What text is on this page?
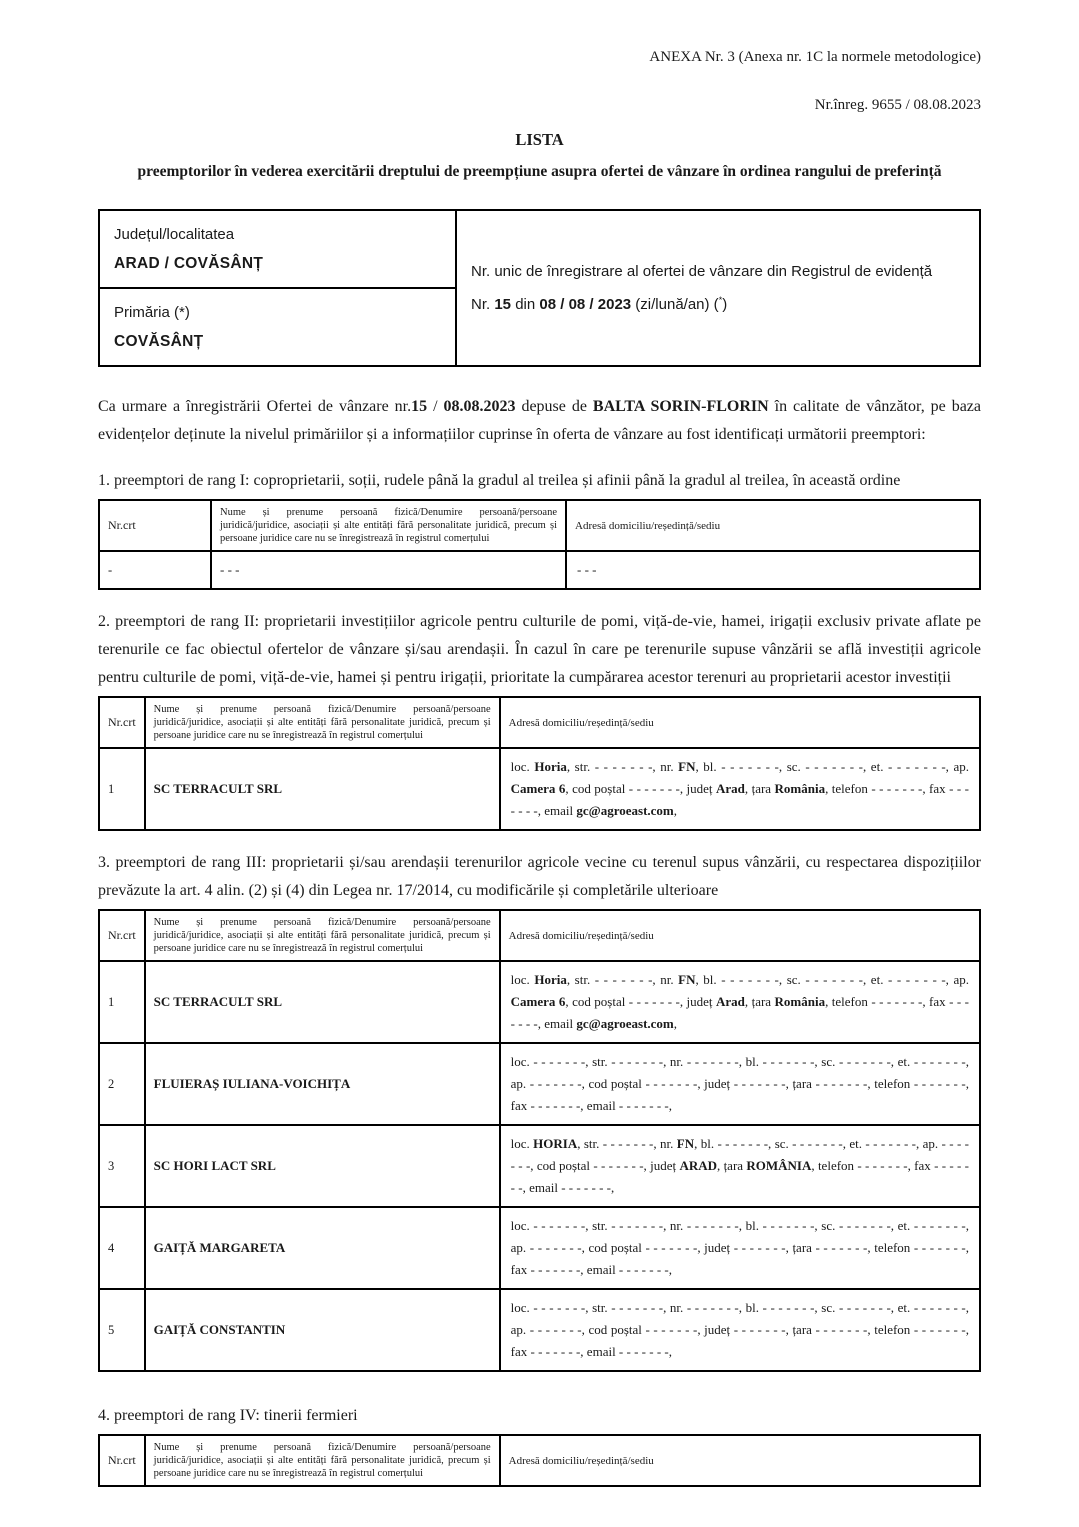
ANEXA Nr. 3 (Anexa nr. 1C la normele metodologice)
Nr.înreg. 9655 / 08.08.2023

LISTA

preemptorilor în vederea exercitării dreptului de preempțiune asupra ofertei de vânzare în ordinea rangului de preferință

Județul/localitatea
ARAD / COVĂSÂNȚ	Nr. unic de înregistrare al ofertei de vânzare din Registrul de evidență
Nr. 15 din 08 / 08 / 2023 (zi/lună/an) (*)

Primăria (*)
COVĂSÂNȚ

Ca urmare a înregistrării Ofertei de vânzare nr.15 / 08.08.2023 depuse de BALTA SORIN-FLORIN în calitate de vânzător, pe baza evidențelor deținute la nivelul primăriilor și a informațiilor cuprinse în oferta de vânzare au fost identificați următorii preemptori:

1. preemptori de rang I: coproprietarii, soții, rudele până la gradul al treilea și afinii până la gradul al treilea, în această ordine

Nr.crt	Nume și prenume persoană fizică/Denumire persoană/persoane juridică/juridice, asociații și alte entități fără personalitate juridică, precum și persoane juridice care nu se înregistrează în registrul comerțului	Adresă domiciliu/reședință/sediu
-	- - -	- - -

2. preemptori de rang II: proprietarii investițiilor agricole pentru culturile de pomi, viță-de-vie, hamei, irigații exclusiv private aflate pe terenurile ce fac obiectul ofertelor de vânzare și/sau arendașii. În cazul în care pe terenurile supuse vânzării se află investiții agricole pentru culturile de pomi, viță-de-vie, hamei și pentru irigații, prioritate la cumpărarea acestor terenuri au proprietarii acestor investiții

Nr.crt	Nume și prenume persoană fizică/Denumire persoană/persoane juridică/juridice, asociații și alte entități fără personalitate juridică, precum și persoane juridice care nu se înregistrează în registrul comerțului	Adresă domiciliu/reședință/sediu
1	SC TERRACULT SRL	loc. Horia, str. - - - - - - -, nr. FN, bl. - - - - - - -, sc. - - - - - - -, et. - - - - - - -, ap. Camera 6, cod poștal - - - - - - -, județ Arad, țara România, telefon - - - - - - -, fax - - - - - - -, email gc@agroeast.com,

3. preemptori de rang III: proprietarii și/sau arendașii terenurilor agricole vecine cu terenul supus vânzării, cu respectarea dispozițiilor prevăzute la art. 4 alin. (2) și (4) din Legea nr. 17/2014, cu modificările și completările ulterioare

Nr.crt	Nume și prenume persoană fizică/Denumire persoană/persoane juridică/juridice, asociații și alte entități fără personalitate juridică, precum și persoane juridice care nu se înregistrează în registrul comerțului	Adresă domiciliu/reședință/sediu
1	SC TERRACULT SRL	loc. Horia, str. - - - - - - -, nr. FN, bl. - - - - - - -, sc. - - - - - - -, et. - - - - - - -, ap. Camera 6, cod poștal - - - - - - -, județ Arad, țara România, telefon - - - - - - -, fax - - - - - - -, email gc@agroeast.com,
2	FLUIERAȘ IULIANA-VOICHIȚA	loc. - - - - - - -, str. - - - - - - -, nr. - - - - - - -, bl. - - - - - - -, sc. - - - - - - -, et. - - - - - - -, ap. - - - - - - -, cod poștal - - - - - - -, județ - - - - - - -, țara - - - - - - -, telefon - - - - - - -, fax - - - - - - -, email - - - - - - -,
3	SC HORI LACT SRL	loc. HORIA, str. - - - - - - -, nr. FN, bl. - - - - - - -, sc. - - - - - - -, et. - - - - - - -, ap. - - - - - - -, cod poștal - - - - - - -, județ ARAD, țara ROMÂNIA, telefon - - - - - - -, fax - - - - - - -, email - - - - - - -,
4	GAIȚĂ MARGARETA	loc. - - - - - - -, str. - - - - - - -, nr. - - - - - - -, bl. - - - - - - -, sc. - - - - - - -, et. - - - - - - -, ap. - - - - - - -, cod poștal - - - - - - -, județ - - - - - - -, țara - - - - - - -, telefon - - - - - - -, fax - - - - - - -, email - - - - - - -,
5	GAIȚĂ CONSTANTIN	loc. - - - - - - -, str. - - - - - - -, nr. - - - - - - -, bl. - - - - - - -, sc. - - - - - - -, et. - - - - - - -, ap. - - - - - - -, cod poștal - - - - - - -, județ - - - - - - -, țara - - - - - - -, telefon - - - - - - -, fax - - - - - - -, email - - - - - - -,

4. preemptori de rang IV: tinerii fermieri

Nr.crt	Nume și prenume persoană fizică/Denumire persoană/persoane juridică/juridice, asociații și alte entități fără personalitate juridică, precum și persoane juridice care nu se înregistrează în registrul comerțului	Adresă domiciliu/reședință/sediu
